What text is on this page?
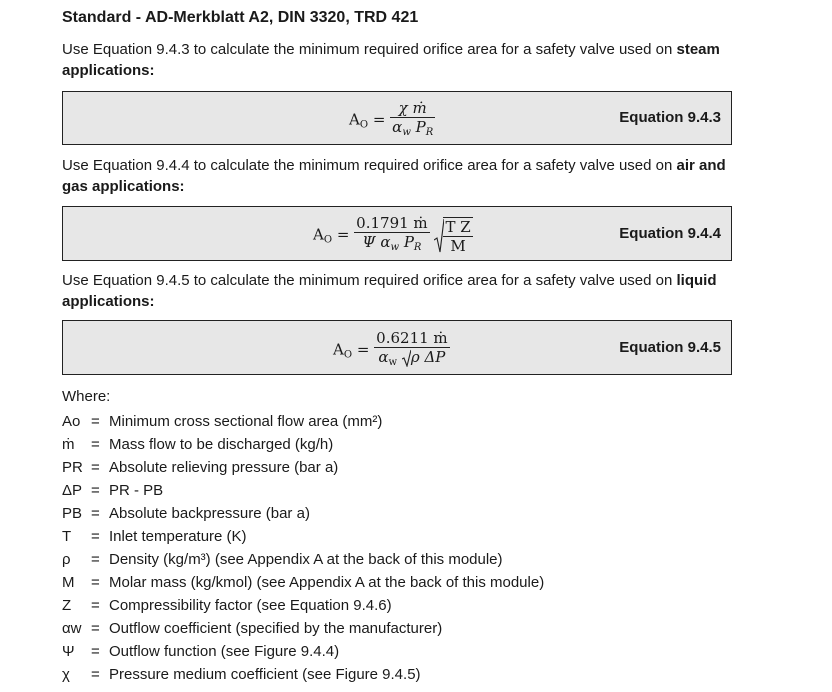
Standard - AD-Merkblatt A2, DIN 3320, TRD 421
Use Equation 9.4.3 to calculate the minimum required orifice area for a safety valve used on steam applications:
$A_O = \frac{\text{χ ṁ}}{\alpha_w P_R}$	Equation 9.4.3
Use Equation 9.4.4 to calculate the minimum required orifice area for a safety valve used on air and gas applications:
$A_O = \frac{\text{0.1791 ṁ}}{\Psi \alpha_w P_R}$
$\frac{\text{T Z}}{M}$	Equation 9.4.4
Use Equation 9.4.5 to calculate the minimum required orifice area for a safety valve used on liquid applications:
$A_O = \frac{\text{0.6211 ṁ}}{\alpha_w \rho \Delta P}$	Equation 9.4.5
Where:
Ao = Minimum cross sectional flow area (mm²)
ṁ	= Mass flow to be discharged (kg/h)
PR = Absolute relieving pressure (bar a)
ΔP = PR - PB
PB = Absolute backpressure (bar a)
T	= Inlet temperature (K)
ρ	= Density (kg/m³) (see Appendix A at the back of this module)
M	= Molar mass (kg/kmol) (see Appendix A at the back of this module)
Z	= Compressibility factor (see Equation 9.4.6)
αw = Outflow coefficient (specified by the manufacturer)
Ψ	= Outflow function (see Figure 9.4.4)
χ	= Pressure medium coefficient (see Figure 9.4.5)
